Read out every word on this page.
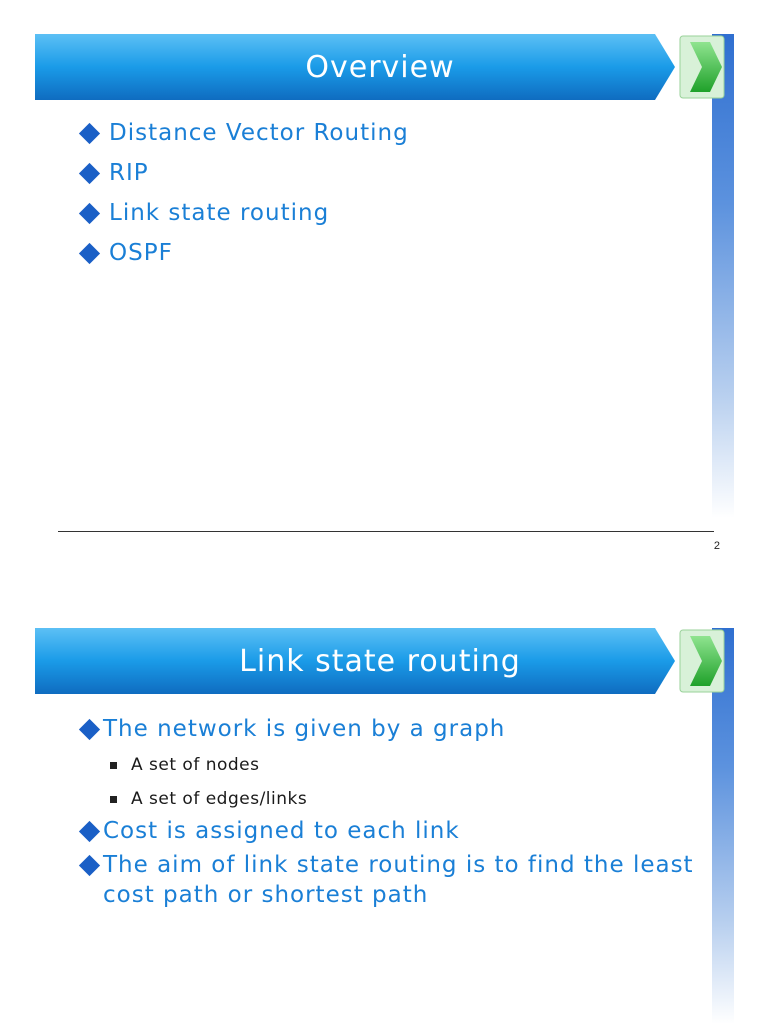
Overview
Distance Vector Routing
RIP
Link state routing
OSPF
2
Link state routing
The network is given by a graph
A set of nodes
A set of edges/links
Cost is assigned to each link
The aim of link state routing is to find the least cost path or shortest path
